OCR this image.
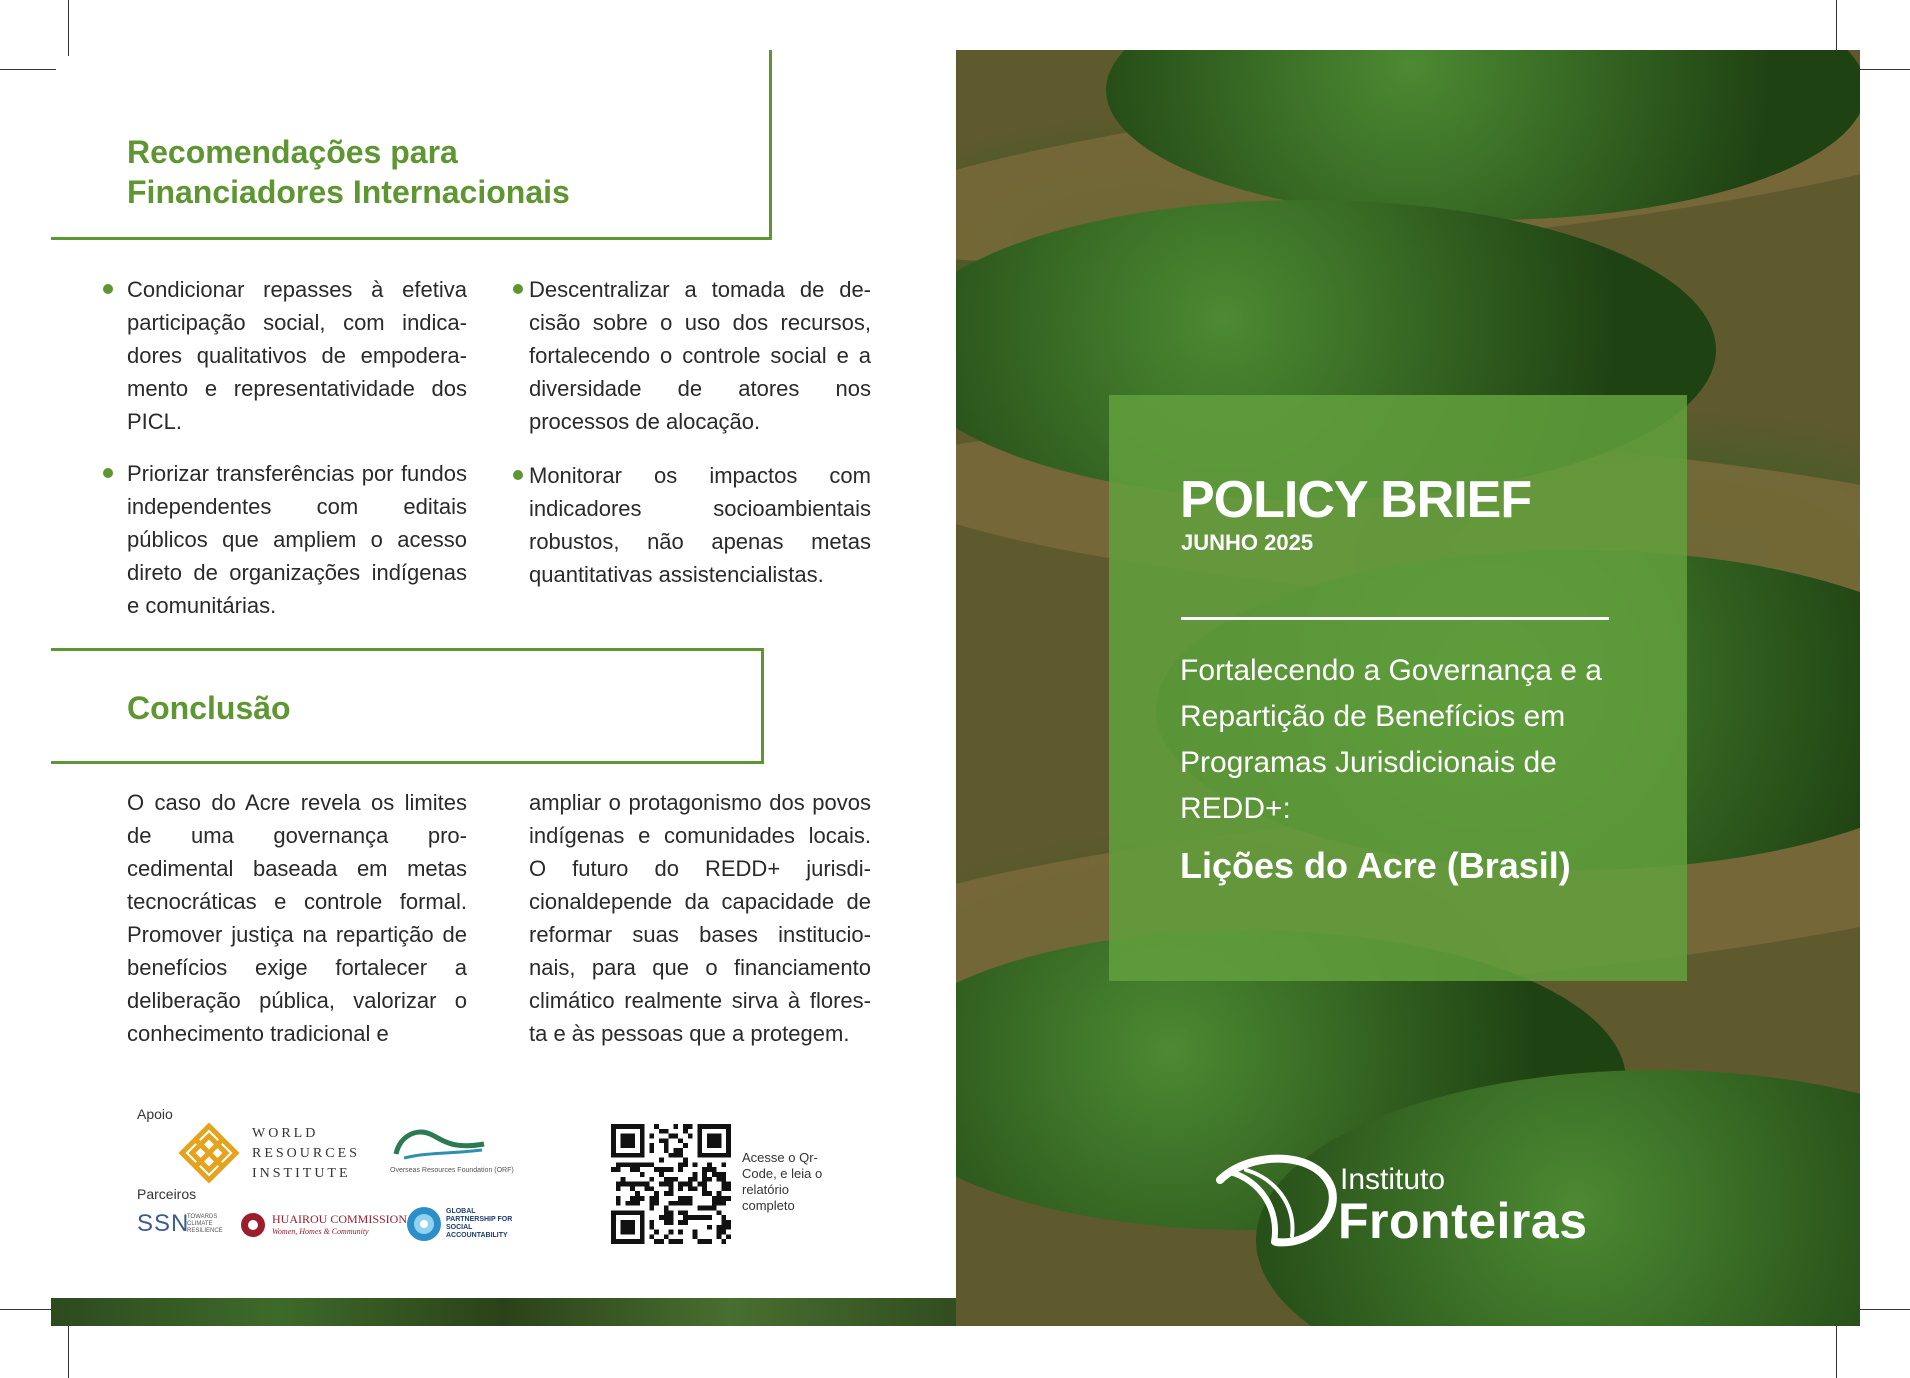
Recomendações para
Financiadores Internacionais

Condicionar repasses à efetiva participação social, com indica- dores qualitativos de empodera- mento e representatividade dos PICL.

Priorizar transferências por fundos independentes com editais públicos que ampliem o acesso direto de organizações indígenas e comunitárias.

Descentralizar a tomada de de- cisão sobre o uso dos recursos, fortalecendo o controle social e a diversidade de atores nos processos de alocação.

Monitorar os impactos com indicadores socioambientais robustos, não apenas metas quantitativas assistencialistas.

Conclusão

O caso do Acre revela os limites de uma governança pro- cedimental baseada em metas tecnocráticas e controle formal. Promover justiça na repartição de benefícios exige fortalecer a deliberação pública, valorizar o conhecimento tradicional e

ampliar o protagonismo dos povos indígenas e comunidades locais. O futuro do REDD+ jurisdi- cionaldepende da capacidade de reformar suas bases institucio- nais, para que o financiamento climático realmente sirva à flores- ta e às pessoas que a protegem.

Apoio
WORLD
RESOURCES
INSTITUTE	Overseas Resources Foundation (ORF)
Parceiros
SSN
TOWARDS CLIMATE RESILIENCE
HUAIROU COMMISSION
Women, Homes & Community
GLOBAL
PARTNERSHIP FOR
SOCIAL
ACCOUNTABILITY

Acesse o Qr- Code, e leia o relatório completo

POLICY BRIEF
JUNHO 2025

Fortalecendo a Governança e a Repartição de Benefícios em Programas Jurisdicionais de REDD+:

Lições do Acre (Brasil)

Instituto
Fronteiras
